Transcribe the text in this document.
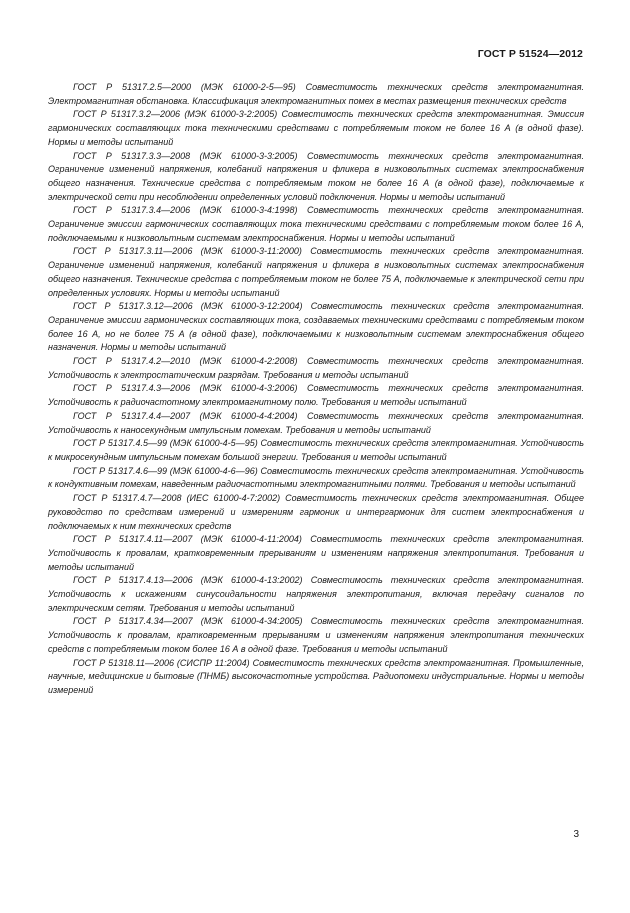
ГОСТ Р 51524—2012

ГОСТ Р 51317.2.5—2000 (МЭК 61000-2-5—95) Совместимость технических средств электромагнитная. Электромагнитная обстановка. Классификация электромагнитных помех в местах размещения технических средств

ГОСТ Р 51317.3.2—2006 (МЭК 61000-3-2:2005) Совместимость технических средств электромагнитная. Эмиссия гармонических составляющих тока техническими средствами с потребляемым током не более 16 А (в одной фазе). Нормы и методы испытаний

ГОСТ Р 51317.3.3—2008 (МЭК 61000-3-3:2005) Совместимость технических средств электромагнитная. Ограничение изменений напряжения, колебаний напряжения и фликера в низковольтных системах электроснабжения общего назначения. Технические средства с потребляемым током не более 16 А (в одной фазе), подключаемые к электрической сети при несоблюдении определенных условий подключения. Нормы и методы испытаний

ГОСТ Р 51317.3.4—2006 (МЭК 61000-3-4:1998) Совместимость технических средств электромагнитная. Ограничение эмиссии гармонических составляющих тока техническими средствами с потребляемым током более 16 А, подключаемыми к низковольтным системам электроснабжения. Нормы и методы испытаний

ГОСТ Р 51317.3.11—2006 (МЭК 61000-3-11:2000) Совместимость технических средств электромагнитная. Ограничение изменений напряжения, колебаний напряжения и фликера в низковольтных системах электроснабжения общего назначения. Технические средства с потребляемым током не более 75 А, подключаемые к электрической сети при определенных условиях. Нормы и методы испытаний

ГОСТ Р 51317.3.12—2006 (МЭК 61000-3-12:2004) Совместимость технических средств электромагнитная. Ограничение эмиссии гармонических составляющих тока, создаваемых техническими средствами с потребляемым током более 16 А, но не более 75 А (в одной фазе), подключаемыми к низковольтным системам электроснабжения общего назначения. Нормы и методы испытаний

ГОСТ Р 51317.4.2—2010 (МЭК 61000-4-2:2008) Совместимость технических средств электромагнитная. Устойчивость к электростатическим разрядам. Требования и методы испытаний

ГОСТ Р 51317.4.3—2006 (МЭК 61000-4-3:2006) Совместимость технических средств электромагнитная. Устойчивость к радиочастотному электромагнитному полю. Требования и методы испытаний

ГОСТ Р 51317.4.4—2007 (МЭК 61000-4-4:2004) Совместимость технических средств электромагнитная. Устойчивость к наносекундным импульсным помехам. Требования и методы испытаний

ГОСТ Р 51317.4.5—99 (МЭК 61000-4-5—95) Совместимость технических средств электромагнитная. Устойчивость к микросекундным импульсным помехам большой энергии. Требования и методы испытаний

ГОСТ Р 51317.4.6—99 (МЭК 61000-4-6—96) Совместимость технических средств электромагнитная. Устойчивость к кондуктивным помехам, наведенным радиочастотными электромагнитными полями. Требования и методы испытаний

ГОСТ Р 51317.4.7—2008 (ИЕС 61000-4-7:2002) Совместимость технических средств электромагнитная. Общее руководство по средствам измерений и измерениям гармоник и интергармоник для систем электроснабжения и подключаемых к ним технических средств

ГОСТ Р 51317.4.11—2007 (МЭК 61000-4-11:2004) Совместимость технических средств электромагнитная. Устойчивость к провалам, кратковременным прерываниям и изменениям напряжения электропитания. Требования и методы испытаний

ГОСТ Р 51317.4.13—2006 (МЭК 61000-4-13:2002) Совместимость технических средств электромагнитная. Устойчивость к искажениям синусоидальности напряжения электропитания, включая передачу сигналов по электрическим сетям. Требования и методы испытаний

ГОСТ Р 51317.4.34—2007 (МЭК 61000-4-34:2005) Совместимость технических средств электромагнитная. Устойчивость к провалам, кратковременным прерываниям и изменениям напряжения электропитания технических средств с потребляемым током более 16 А в одной фазе. Требования и методы испытаний

ГОСТ Р 51318.11—2006 (СИСПР 11:2004) Совместимость технических средств электромагнитная. Промышленные, научные, медицинские и бытовые (ПНМБ) высокочастотные устройства. Радиопомехи индустриальные. Нормы и методы измерений

3
